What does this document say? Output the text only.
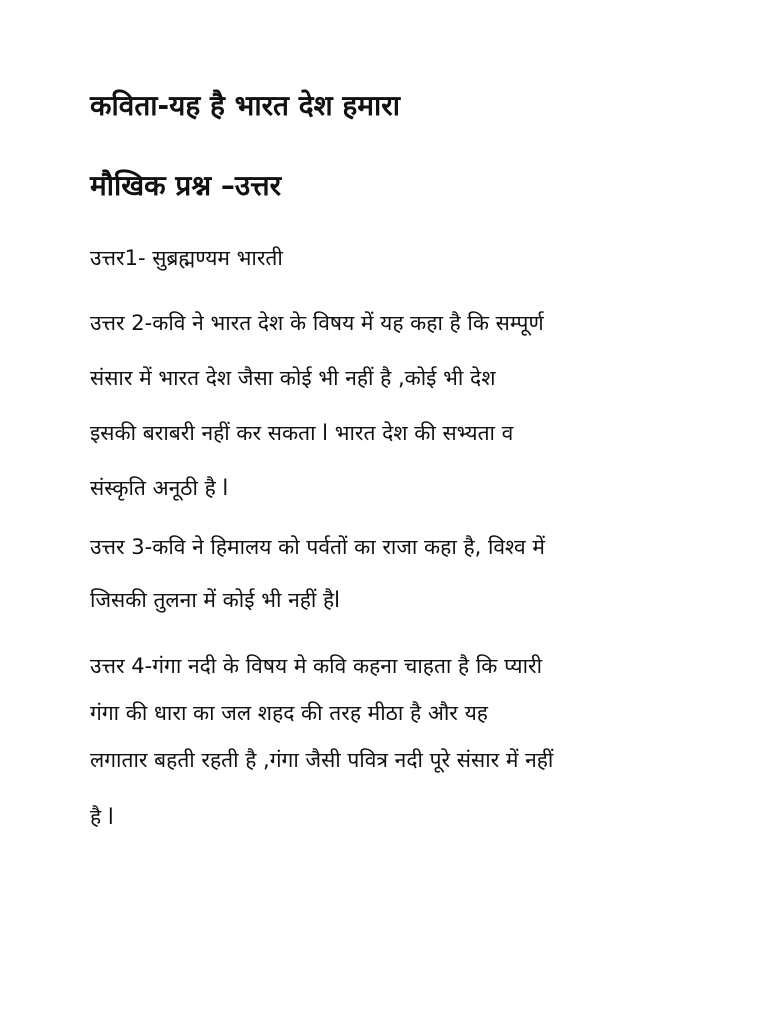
कविता-यह है भारत देश हमारा
मौखिक प्रश्न –उत्तर

उत्तर1- सुब्रह्मण्यम भारती

उत्तर 2-कवि ने भारत देश के विषय में यह कहा है कि सम्पूर्ण
संसार में भारत देश जैसा कोई भी नहीं है ,कोई भी देश
इसकी बराबरी नहीं कर सकता l भारत देश की सभ्यता व
संस्कृति अनूठी है l

उत्तर 3-कवि ने हिमालय को पर्वतों का राजा कहा है, विश्व में
जिसकी तुलना में कोई भी नहीं हैl

उत्तर 4-गंगा नदी के विषय मे कवि कहना चाहता है कि प्यारी
गंगा की धारा का जल शहद की तरह मीठा है और यह
लगातार बहती रहती है ,गंगा जैसी पवित्र नदी पूरे संसार में नहीं
है l
